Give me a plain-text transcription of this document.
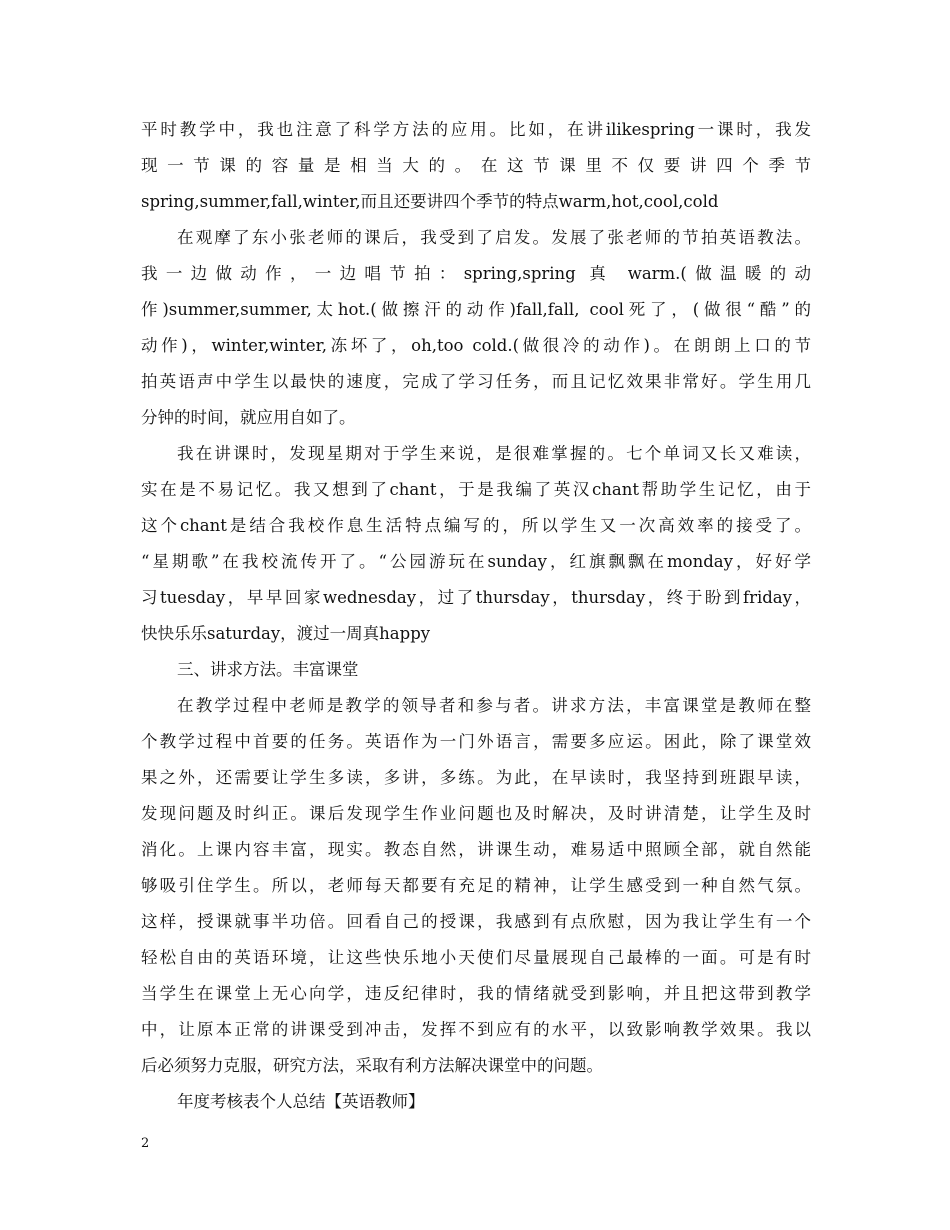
平时教学中，我也注意了科学方法的应用。比如，在讲ilikespring一课时，我发
现一节课的容量是相当大的。在这节课里不仅要讲四个季节
spring,summer,fall,winter,而且还要讲四个季节的特点warm,hot,cool,cold
在观摩了东小张老师的课后，我受到了启发。发展了张老师的节拍英语教法。
我一边做动作，一边唱节拍：spring,spring 真 warm.(做温暖的动
作)summer,summer,太hot.(做擦汗的动作)fall,fall, cool死了，(做很“酷”的
动作)，winter,winter,冻坏了，oh,too cold.(做很冷的动作)。在朗朗上口的节
拍英语声中学生以最快的速度，完成了学习任务，而且记忆效果非常好。学生用几
分钟的时间，就应用自如了。
我在讲课时，发现星期对于学生来说，是很难掌握的。七个单词又长又难读，
实在是不易记忆。我又想到了chant，于是我编了英汉chant帮助学生记忆，由于
这个chant是结合我校作息生活特点编写的，所以学生又一次高效率的接受了。
“星期歌”在我校流传开了。“公园游玩在sunday，红旗飘飘在monday，好好学
习tuesday，早早回家wednesday，过了thursday，thursday，终于盼到friday，
快快乐乐saturday，渡过一周真happy
三、讲求方法。丰富课堂
在教学过程中老师是教学的领导者和参与者。讲求方法，丰富课堂是教师在整
个教学过程中首要的任务。英语作为一门外语言，需要多应运。困此，除了课堂效
果之外，还需要让学生多读，多讲，多练。为此，在早读时，我坚持到班跟早读，
发现问题及时纠正。课后发现学生作业问题也及时解决，及时讲清楚，让学生及时
消化。上课内容丰富，现实。教态自然，讲课生动，难易适中照顾全部，就自然能
够吸引住学生。所以，老师每天都要有充足的精神，让学生感受到一种自然气氛。
这样，授课就事半功倍。回看自己的授课，我感到有点欣慰，因为我让学生有一个
轻松自由的英语环境，让这些快乐地小天使们尽量展现自己最棒的一面。可是有时
当学生在课堂上无心向学，违反纪律时，我的情绪就受到影响，并且把这带到教学
中，让原本正常的讲课受到冲击，发挥不到应有的水平，以致影响教学效果。我以
后必须努力克服，研究方法，采取有利方法解决课堂中的问题。
年度考核表个人总结【英语教师】
2
